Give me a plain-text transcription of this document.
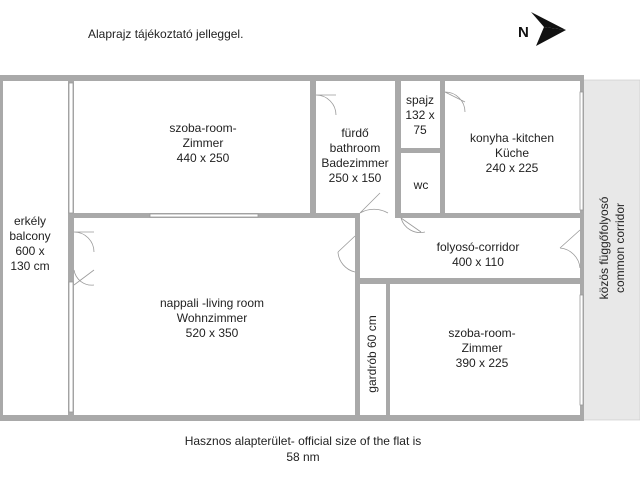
Alaprajz tájékoztató jelleggel.	N
erkély
balcony
600 x
130 cm
szoba-room-
Zimmer
440 x 250
fürdő
bathroom
Badezimmer
250 x 150
spajz
132 x
75
konyha -kitchen
Küche
240 x 225
wc
folyosó-corridor
400 x 110
nappali -living room
Wohnzimmer
520 x 350	gardrób 60 cm	szoba-room-
Zimmer
390 x 225
közös függőfolyosó common corridor
Hasznos alapterület- official size of the flat is
58 nm
